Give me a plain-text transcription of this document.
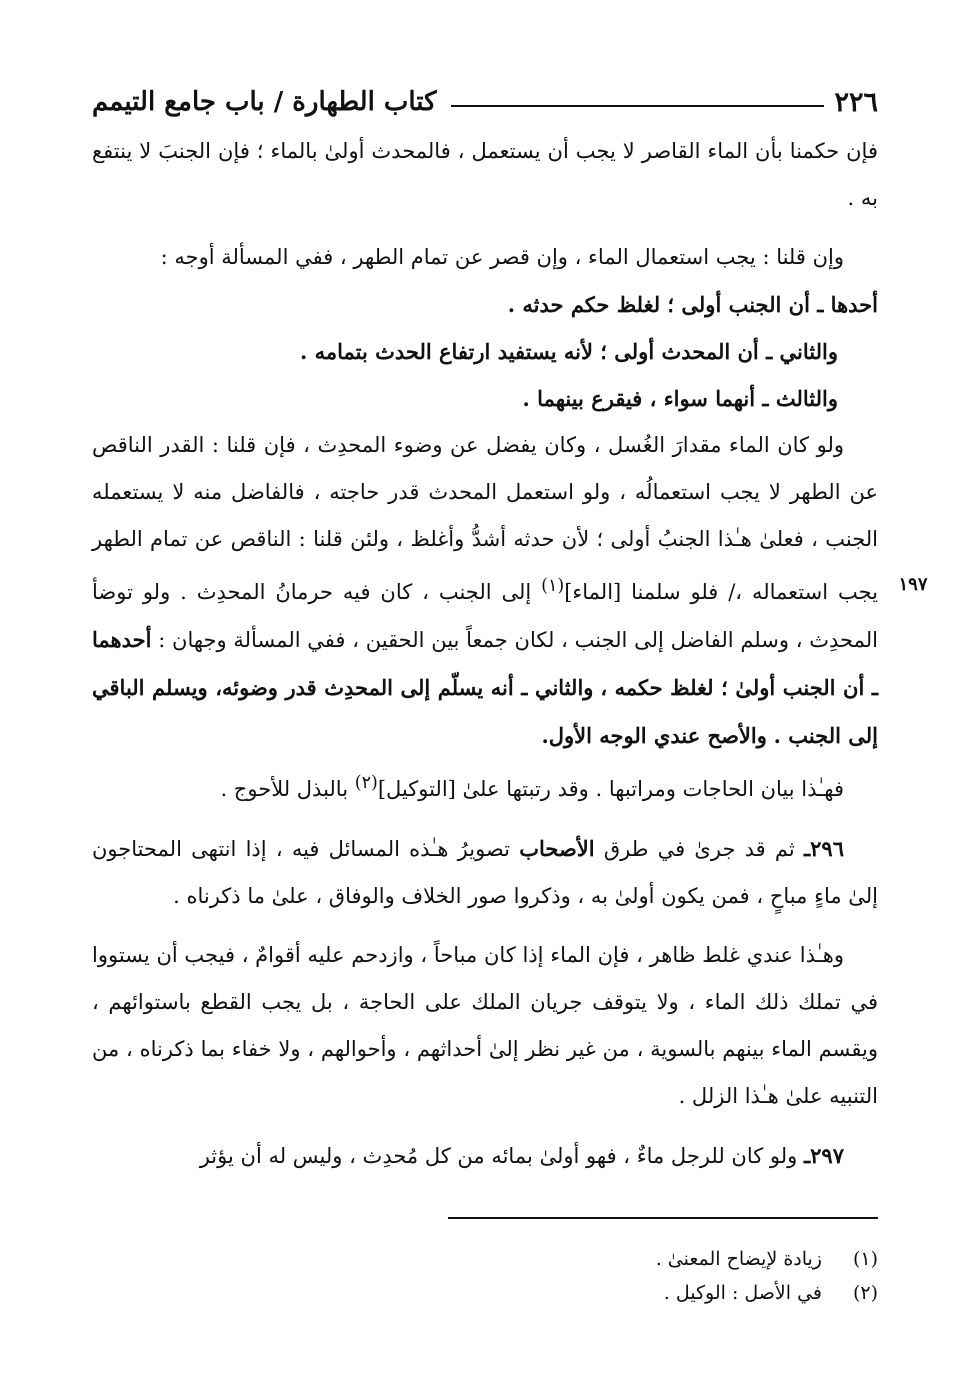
٢٢٦
كتاب الطهارة / باب جامع التيمم
١٩٧

فإن حكمنا بأن الماء القاصر لا يجب أن يستعمل ، فالمحدث أولىٰ بالماء ؛ فإن الجنبَ لا ينتفع به .

وإن قلنا : يجب استعمال الماء ، وإن قصر عن تمام الطهر ، ففي المسألة أوجه :

أحدها ـ أن الجنب أولى ؛ لغلظ حكم حدثه .

والثاني ـ أن المحدث أولى ؛ لأنه يستفيد ارتفاع الحدث بتمامه .

والثالث ـ أنهما سواء ، فيقرع بينهما .

ولو كان الماء مقدارَ الغُسل ، وكان يفضل عن وضوء المحدِث ، فإن قلنا : القدر الناقص عن الطهر لا يجب استعمالُه ، ولو استعمل المحدث قدر حاجته ، فالفاضل منه لا يستعمله الجنب ، فعلىٰ هـٰذا الجنبُ أولى ؛ لأن حدثه أشدُّ وأغلظ ، ولئن قلنا : الناقص عن تمام الطهر يجب استعماله ،/ فلو سلمنا [الماء]$^{(١)}$ إلى الجنب ، كان فيه حرمانُ المحدِث . ولو توضأ المحدِث ، وسلم الفاضل إلى الجنب ، لكان جمعاً بين الحقين ، ففي المسألة وجهان : أحدهما ـ أن الجنب أولىٰ ؛ لغلظ حكمه ، والثاني ـ أنه يسلّم إلى المحدِث قدر وضوئه، ويسلم الباقي إلى الجنب . والأصح عندي الوجه الأول.

فهـٰذا بيان الحاجات ومراتبها . وقد رتبتها علىٰ [التوكيل]$^{(٢)}$ بالبذل للأحوج .

٢٩٦ـ ثم قد جرىٰ في طرق الأصحاب تصويرُ هـٰذه المسائل فيه ، إذا انتهى المحتاجون إلىٰ ماءٍ مباحٍ ، فمن يكون أولىٰ به ، وذكروا صور الخلاف والوفاق ، علىٰ ما ذكرناه .

وهـٰذا عندي غلط ظاهر ، فإن الماء إذا كان مباحاً ، وازدحم عليه أقوامٌ ، فيجب أن يستووا في تملك ذلك الماء ، ولا يتوقف جريان الملك على الحاجة ، بل يجب القطع باستوائهم ، ويقسم الماء بينهم بالسوية ، من غير نظر إلىٰ أحداثهم ، وأحوالهم ، ولا خفاء بما ذكرناه ، من التنبيه علىٰ هـٰذا الزلل .

٢٩٧ـ ولو كان للرجل ماءٌ ، فهو أولىٰ بمائه من كل مُحدِث ، وليس له أن يؤثر

(١)
زيادة لإيضاح المعنىٰ .
(٢)
في الأصل : الوكيل .
